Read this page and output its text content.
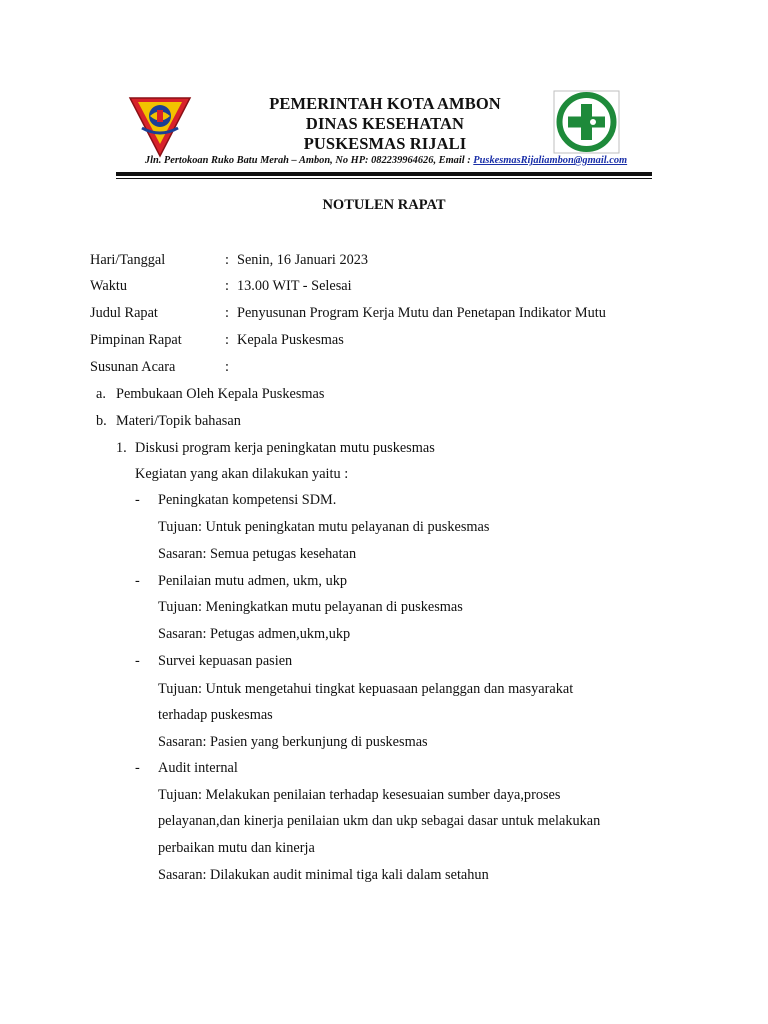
PEMERINTAH KOTA AMBON
DINAS KESEHATAN
PUSKESMAS RIJALI
Jln. Pertokoan Ruko Batu Merah – Ambon, No HP: 082239964626, Email : PuskesmasRijaliambon@gmail.com
NOTULEN RAPAT
Hari/Tanggal	: Senin, 16 Januari 2023
Waktu	: 13.00 WIT - Selesai
Judul Rapat	: Penyusunan Program Kerja Mutu dan Penetapan Indikator Mutu
Pimpinan Rapat	: Kepala Puskesmas
Susunan Acara	:
a. Pembukaan Oleh Kepala Puskesmas
b. Materi/Topik bahasan
1. Diskusi program kerja peningkatan mutu puskesmas
Kegiatan yang akan dilakukan yaitu :
- Peningkatan kompetensi SDM.
Tujuan: Untuk peningkatan mutu pelayanan di puskesmas
Sasaran: Semua petugas kesehatan
- Penilaian mutu admen, ukm, ukp
Tujuan: Meningkatkan mutu pelayanan di puskesmas
Sasaran: Petugas admen,ukm,ukp
- Survei kepuasan pasien
Tujuan: Untuk mengetahui tingkat kepuasaan pelanggan dan masyarakat
terhadap puskesmas
Sasaran: Pasien yang berkunjung di puskesmas
- Audit internal
Tujuan: Melakukan penilaian terhadap kesesuaian sumber daya,proses
pelayanan,dan kinerja penilaian ukm dan ukp sebagai dasar untuk melakukan
perbaikan mutu dan kinerja
Sasaran: Dilakukan audit minimal tiga kali dalam setahun
